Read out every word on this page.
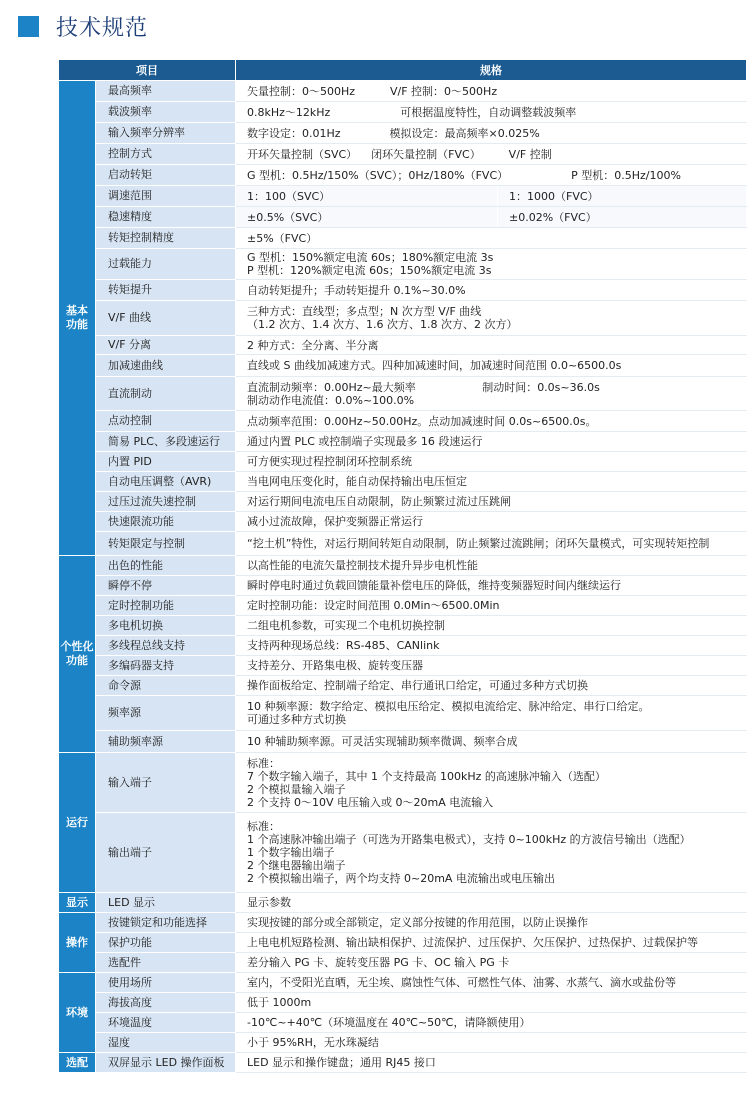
技术规范
项目		规格	
基本
功能	最高频率	矢量控制：0～500Hz          V/F 控制：0～500Hz	
	载波频率	0.8kHz～12kHz                    可根据温度特性，自动调整载波频率	
	输入频率分辨率	数字设定：0.01Hz              模拟设定：最高频率×0.025%	
	控制方式	开环矢量控制（SVC）    闭环矢量控制（FVC）        V/F 控制	
	启动转矩	G 型机：0.5Hz/150%（SVC）；0Hz/180%（FVC）                  P 型机：0.5Hz/100%	
	调速范围	1：100（SVC）	1：1000（FVC）
	稳速精度	±0.5%（SVC）	±0.02%（FVC）
	转矩控制精度	±5%（FVC）	
	过载能力	G 型机：150%额定电流 60s；180%额定电流 3s
P 型机：120%额定电流 60s；150%额定电流 3s	
	转矩提升	自动转矩提升；手动转矩提升 0.1%~30.0%	
	V/F 曲线	三种方式：直线型；多点型；N 次方型 V/F 曲线
（1.2 次方、1.4 次方、1.6 次方、1.8 次方、2 次方）	
	V/F 分离	2 种方式：全分离、半分离	
	加减速曲线	直线或 S 曲线加减速方式。四种加减速时间，加减速时间范围 0.0~6500.0s	
	直流制动	直流制动频率：0.00Hz~最大频率                   制动时间：0.0s~36.0s
制动动作电流值：0.0%~100.0%	
	点动控制	点动频率范围：0.00Hz~50.00Hz。点动加减速时间 0.0s~6500.0s。	
	简易 PLC、多段速运行	通过内置 PLC 或控制端子实现最多 16 段速运行	
	内置 PID	可方便实现过程控制闭环控制系统	
	自动电压调整（AVR)	当电网电压变化时，能自动保持输出电压恒定	
	过压过流失速控制	对运行期间电流电压自动限制，防止频繁过流过压跳闸	
	快速限流功能	减小过流故障，保护变频器正常运行	
	转矩限定与控制	“挖土机”特性，对运行期间转矩自动限制，防止频繁过流跳闸；闭环矢量模式，可实现转矩控制	
个性化
功能	出色的性能	以高性能的电流矢量控制技术提升异步电机性能	
	瞬停不停	瞬时停电时通过负载回馈能量补偿电压的降低，维持变频器短时间内继续运行	
	定时控制功能	定时控制功能：设定时间范围 0.0Min～6500.0Min	
	多电机切换	二组电机参数，可实现二个电机切换控制	
	多线程总线支持	支持两种现场总线：RS-485、CANlink	
	多编码器支持	支持差分、开路集电极、旋转变压器	
	命令源	操作面板给定、控制端子给定、串行通讯口给定，可通过多种方式切换	
	频率源	10 种频率源：数字给定、模拟电压给定、模拟电流给定、脉冲给定、串行口给定。
可通过多种方式切换	
	辅助频率源	10 种辅助频率源。可灵活实现辅助频率微调、频率合成	
运行	输入端子	标准：
7 个数字输入端子，其中 1 个支持最高 100kHz 的高速脉冲输入（选配）
2 个模拟量输入端子
2 个支持 0～10V 电压输入或 0～20mA 电流输入	
	输出端子	标准：
1 个高速脉冲输出端子（可选为开路集电极式），支持 0~100kHz 的方波信号输出（选配）
1 个数字输出端子
2 个继电器输出端子
2 个模拟输出端子，两个均支持 0~20mA 电流输出或电压输出	
显示	LED 显示	显示参数	
操作	按键锁定和功能选择	实现按键的部分或全部锁定，定义部分按键的作用范围，以防止误操作	
	保护功能	上电电机短路检测、输出缺相保护、过流保护、过压保护、欠压保护、过热保护、过载保护等	
	选配件	差分输入 PG 卡、旋转变压器 PG 卡、OC 输入 PG 卡	
环境	使用场所	室内，不受阳光直晒，无尘埃、腐蚀性气体、可燃性气体、油雾、水蒸气、滴水或盐份等	
	海拔高度	低于 1000m	
	环境温度	-10℃~+40℃（环境温度在 40℃~50℃，请降额使用）	
	湿度	小于 95%RH，无水珠凝结	
选配	双屏显示 LED 操作面板	LED 显示和操作键盘；通用 RJ45 接口	
